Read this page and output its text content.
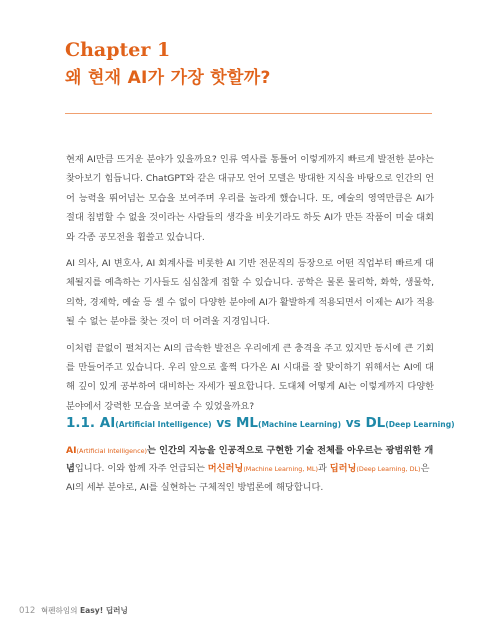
Chapter 1
왜 현재 AI가 가장 핫할까?

현재 AI만큼 뜨거운 분야가 있을까요? 인류 역사를 통틀어 이렇게까지 빠르게 발전한 분야는 찾아보기 힘듭니다. ChatGPT와 같은 대규모 언어 모델은 방대한 지식을 바탕으로 인간의 언어 능력을 뛰어넘는 모습을 보여주며 우리를 놀라게 했습니다. 또, 예술의 영역만큼은 AI가 절대 침범할 수 없을 것이라는 사람들의 생각을 비웃기라도 하듯 AI가 만든 작품이 미술 대회와 각종 공모전을 휩쓸고 있습니다.

AI 의사, AI 변호사, AI 회계사를 비롯한 AI 기반 전문직의 등장으로 어떤 직업부터 빠르게 대체될지를 예측하는 기사들도 심심찮게 접할 수 있습니다. 공학은 물론 물리학, 화학, 생물학, 의학, 경제학, 예술 등 셀 수 없이 다양한 분야에 AI가 활발하게 적용되면서 이제는 AI가 적용될 수 없는 분야를 찾는 것이 더 어려울 지경입니다.

이처럼 끝없이 펼쳐지는 AI의 급속한 발전은 우리에게 큰 충격을 주고 있지만 동시에 큰 기회를 만들어주고 있습니다. 우리 앞으로 훌쩍 다가온 AI 시대를 잘 맞이하기 위해서는 AI에 대해 깊이 있게 공부하여 대비하는 자세가 필요합니다. 도대체 어떻게 AI는 이렇게까지 다양한 분야에서 강력한 모습을 보여줄 수 있었을까요?

1.1. AI(Artificial Intelligence) vs ML(Machine Learning) vs DL(Deep Learning)

AI(Artificial Intelligence)는 인간의 지능을 인공적으로 구현한 기술 전체를 아우르는 광범위한 개념입니다. 이와 함께 자주 언급되는 머신러닝(Machine Learning, ML)과 딥러닝(Deep Learning, DL)은 AI의 세부 분야로, AI를 실현하는 구체적인 방법론에 해당합니다.

012 혁펜하임의 Easy! 딥러닝
